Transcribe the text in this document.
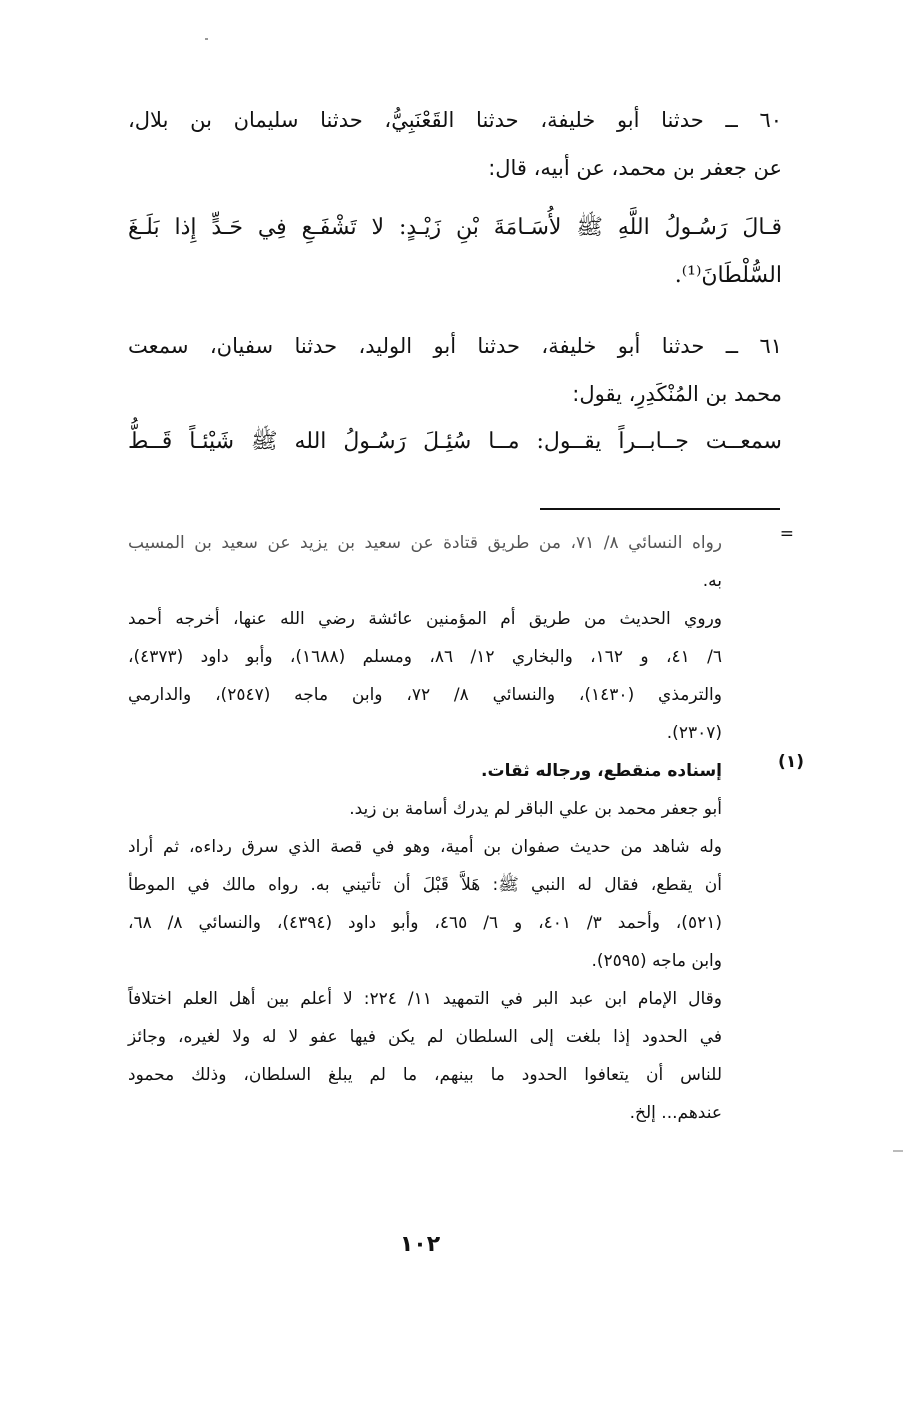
٦٠ ــ حدثنا أبو خليفة، حدثنا القَعْنَبِيُّ، حدثنا سليمان بن بلال،
عن جعفر بن محمد، عن أبيه، قال:
قـالَ رَسُـولُ اللَّهِ ﷺ لأُسَـامَةَ بْنِ زَيْـدٍ: لا تَشْفَـعِ فِي حَـدٍّ إِذا بَلَـغَ
السُّلْطَانَ⁽¹⁾.
٦١ ــ حدثنا أبو خليفة، حدثنا أبو الوليد، حدثنا سفيان، سمعت
محمد بن المُنْكَدِرِ، يقول:
سمعــت جــابــراً يقــول: مــا سُئِـلَ رَسُـولُ الله ﷺ شَيْئـاً قَــطُّ
=
رواه النسائي ٨/ ٧١، من طريق قتادة عن سعيد بن يزيد عن سعيد بن المسيب
به.
وروي الحديث من طريق أم المؤمنين عائشة رضي الله عنها، أخرجه أحمد
٦/ ٤١، و ١٦٢، والبخاري ١٢/ ٨٦، ومسلم (١٦٨٨)، وأبو داود (٤٣٧٣)،
والترمذي (١٤٣٠)، والنسائي ٨/ ٧٢، وابن ماجه (٢٥٤٧)، والدارمي
(٢٣٠٧).
(١)
إسناده منقطع، ورجاله ثقات.
أبو جعفر محمد بن علي الباقر لم يدرك أسامة بن زيد.
وله شاهد من حديث صفوان بن أمية، وهو في قصة الذي سرق رداءه، ثم أراد
أن يقطع، فقال له النبي ﷺ: هَلاَّ قَبْلَ أن تأتيني به. رواه مالك في الموطأ
(٥٢١)، وأحمد ٣/ ٤٠١، و ٦/ ٤٦٥، وأبو داود (٤٣٩٤)، والنسائي ٨/ ٦٨،
وابن ماجه (٢٥٩٥).
وقال الإمام ابن عبد البر في التمهيد ١١/ ٢٢٤: لا أعلم بين أهل العلم اختلافاً
في الحدود إذا بلغت إلى السلطان لم يكن فيها عفو لا له ولا لغيره، وجائز
للناس أن يتعافوا الحدود ما بينهم، ما لم يبلغ السلطان، وذلك محمود
عندهم... إلخ.
١٠٢
